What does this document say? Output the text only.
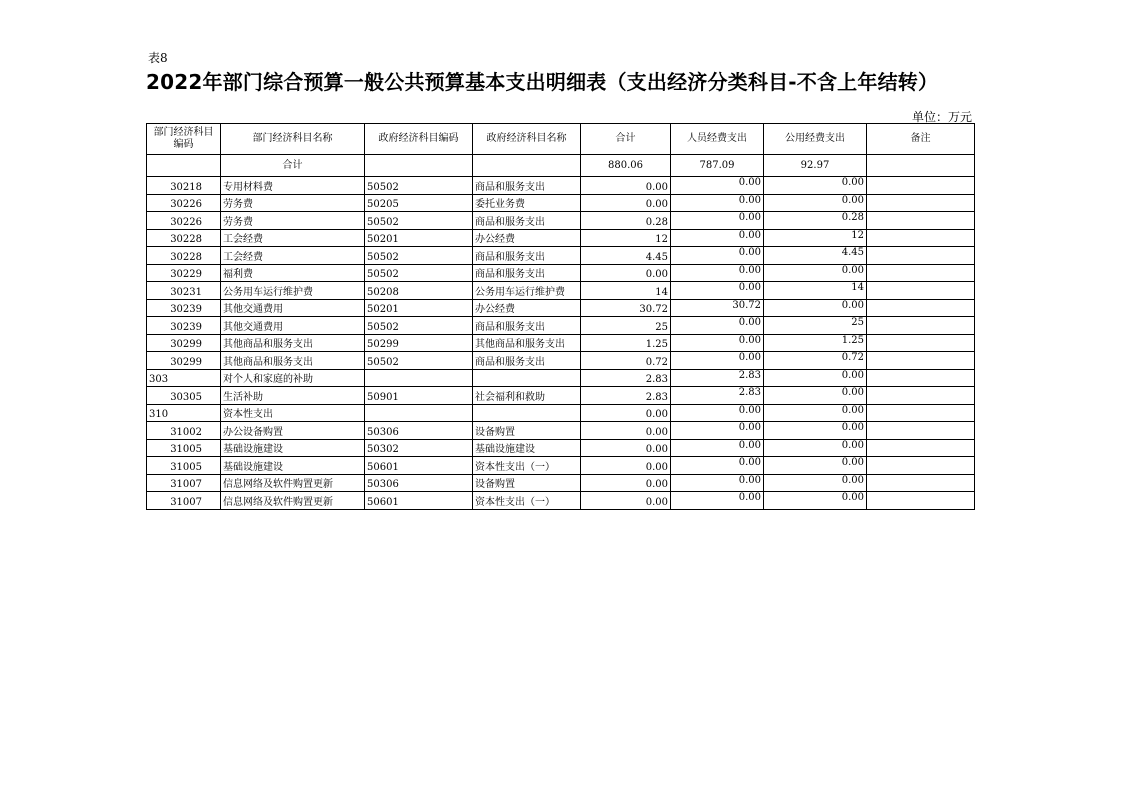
表8
2022年部门综合预算一般公共预算基本支出明细表（支出经济分类科目-不含上年结转）
单位：万元
部门经济科目编码	部门经济科目名称	政府经济科目编码	政府经济科目名称	合计	人员经费支出	公用经费支出	备注
	合计			880.06	787.09	92.97	
30218	专用材料费	50502	商品和服务支出	0.00	0.00	0.00	
30226	劳务费	50205	委托业务费	0.00	0.00	0.00	
30226	劳务费	50502	商品和服务支出	0.28	0.00	0.28	
30228	工会经费	50201	办公经费	12	0.00	12	
30228	工会经费	50502	商品和服务支出	4.45	0.00	4.45	
30229	福利费	50502	商品和服务支出	0.00	0.00	0.00	
30231	公务用车运行维护费	50208	公务用车运行维护费	14	0.00	14	
30239	其他交通费用	50201	办公经费	30.72	30.72	0.00	
30239	其他交通费用	50502	商品和服务支出	25	0.00	25	
30299	其他商品和服务支出	50299	其他商品和服务支出	1.25	0.00	1.25	
30299	其他商品和服务支出	50502	商品和服务支出	0.72	0.00	0.72	
303	对个人和家庭的补助			2.83	2.83	0.00	
30305	生活补助	50901	社会福利和救助	2.83	2.83	0.00	
310	资本性支出			0.00	0.00	0.00	
31002	办公设备购置	50306	设备购置	0.00	0.00	0.00	
31005	基础设施建设	50302	基础设施建设	0.00	0.00	0.00	
31005	基础设施建设	50601	资本性支出（一）	0.00	0.00	0.00	
31007	信息网络及软件购置更新	50306	设备购置	0.00	0.00	0.00	
31007	信息网络及软件购置更新	50601	资本性支出（一）	0.00	0.00	0.00	
